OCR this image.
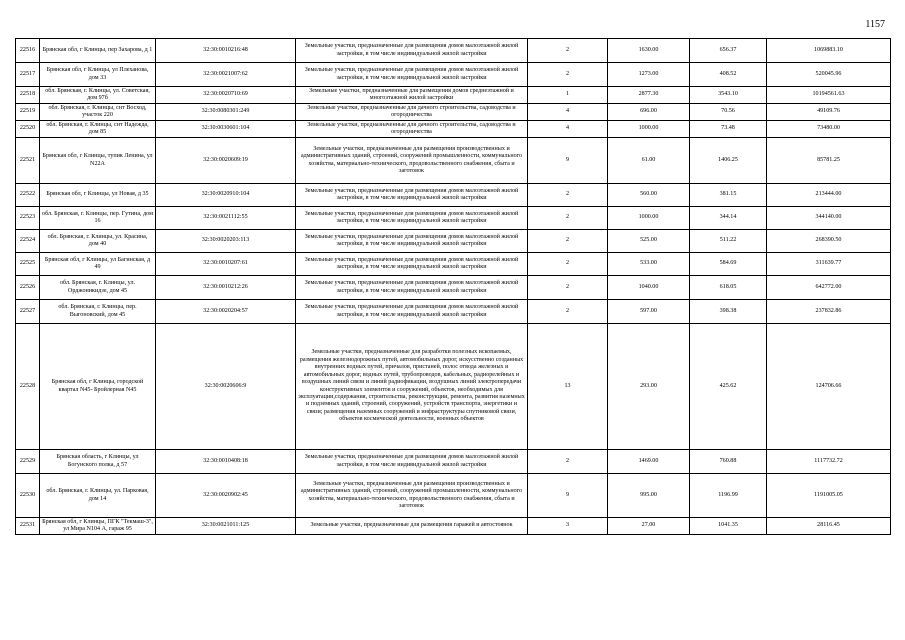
1157
22516	Брянская обл, г Клинцы, пер Захарова, д 1	32:30:0010216:48	Земельные участки, предназначенные для размещения домов малоэтажной жилой застройки, в том числе индивидуальной жилой застройки	2	1630.00	656.37	1069883.10
22517	Брянская обл, г Клинцы, ул Плеханова, дом 33	32:30:0021007:62	Земельные участки, предназначенные для размещения домов малоэтажной жилой застройки, в том числе индивидуальной жилой застройки	2	1273.00	408.52	520045.96
22518	обл. Брянская, г. Клинцы, ул. Советская, дом 97б	32:30:0020710:69	Земельные участки, предназначенные для размещения домов среднеэтажной и многоэтажной жилой застройки	1	2877.30	3543.10	10194561.63
22519	обл. Брянская, г. Клинцы, снт Восход, участок 220	32:30:0080301:249	Земельные участки, предназначенные для дачного строительства, садоводства и огородничества	4	696.00	70.56	49109.76
22520	обл. Брянская, г. Клинцы, снт Надежда, дом 85	32:30:0030601:104	Земельные участки, предназначенные для дачного строительства, садоводства и огородничества	4	1000.00	73.48	73480.00
22521	Брянская обл, г Клинцы, тупик Ленина, ул N22А	32:30:0020609:19	Земельные участки, предназначенные для размещения производственных и административных зданий, строений, сооружений промышленности, коммунального хозяйства, материально-технического, продовольственного снабжения, сбыта и заготовок	9	61.00	1406.25	85781.25
22522	Брянская обл, г Клинцы, ул Новая, д 35	32:30:0020910:104	Земельные участки, предназначенные для размещения домов малоэтажной жилой застройки, в том числе индивидуальной жилой застройки	2	560.00	381.15	213444.00
22523	обл. Брянская, г. Клинцы, пер. Гутина, дом 16	32:30:0021112:55	Земельные участки, предназначенные для размещения домов малоэтажной жилой застройки, в том числе индивидуальной жилой застройки	2	1000.00	344.14	344140.00
22524	обл. Брянская, г. Клинцы, ул. Красина, дом 40	32:30:0020203:113	Земельные участки, предназначенные для размещения домов малоэтажной жилой застройки, в том числе индивидуальной жилой застройки	2	525.00	511.22	268390.50
22525	Брянская обл, г Клинцы, ул Багинская, д 49	32:30:0010207:61	Земельные участки, предназначенные для размещения домов малоэтажной жилой застройки, в том числе индивидуальной жилой застройки	2	533.00	584.69	311639.77
22526	обл. Брянская, г. Клинцы, ул. Орджоникидзе, дом 45	32:30:0010212:26	Земельные участки, предназначенные для размещения домов малоэтажной жилой застройки, в том числе индивидуальной жилой застройки	2	1040.00	618.05	642772.00
22527	обл. Брянская, г. Клинцы, пер. Выгоновский, дом 45	32:30:0020204:57	Земельные участки, предназначенные для размещения домов малоэтажной жилой застройки, в том числе индивидуальной жилой застройки	2	597.00	398.38	237832.86
22528	Брянская обл, г Клинцы, городской квартал N45- Бройлерная N45	32:30:0020606:9	Земельные участки, предназначенные для разработки полезных ископаемых, размещения железнодорожных путей, автомобильных дорог, искусственно созданных внутренних водных путей, причалов, пристаней, полос отвода железных и автомобильных дорог, водных путей, трубопроводов, кабельных, радиорелейных и воздушных линий связи и линий радиофикации, воздушных линий электропередачи конструктивных элементов и сооружений, объектов, необходимых для эксплуатации,содержания, строительства, реконструкции, ремонта, развития наземных и подземных зданий, строений, сооружений, устройств транспорта, энергетики и связи; размещения наземных сооружений и инфраструктуры спутниковой связи, объектов космической деятельности, военных объектов	13	293.00	425.62	124706.66
22529	Брянская область, г Клинцы, ул Богунского полка, д 57	32:30:0010408:18	Земельные участки, предназначенные для размещения домов малоэтажной жилой застройки, в том числе индивидуальной жилой застройки	2	1469.00	760.88	1117732.72
22530	обл. Брянская, г. Клинцы, ул. Парковая, дом 14	32:30:0020902:45	Земельные участки, предназначенные для размещения производственных и административных зданий, строений, сооружений промышленности, коммунального хозяйства, материально-технического, продовольственного снабжения, сбыта и заготовок	9	995.00	1196.99	1191005.05
22531	Брянская обл, г Клинцы, ПГК "Текмаш-3", ул Мира N104 А, гараж 95	32:30:0021011:125	Земельные участки, предназначенные для размещения гаражей и автостоянок	3	27.00	1041.35	28116.45
